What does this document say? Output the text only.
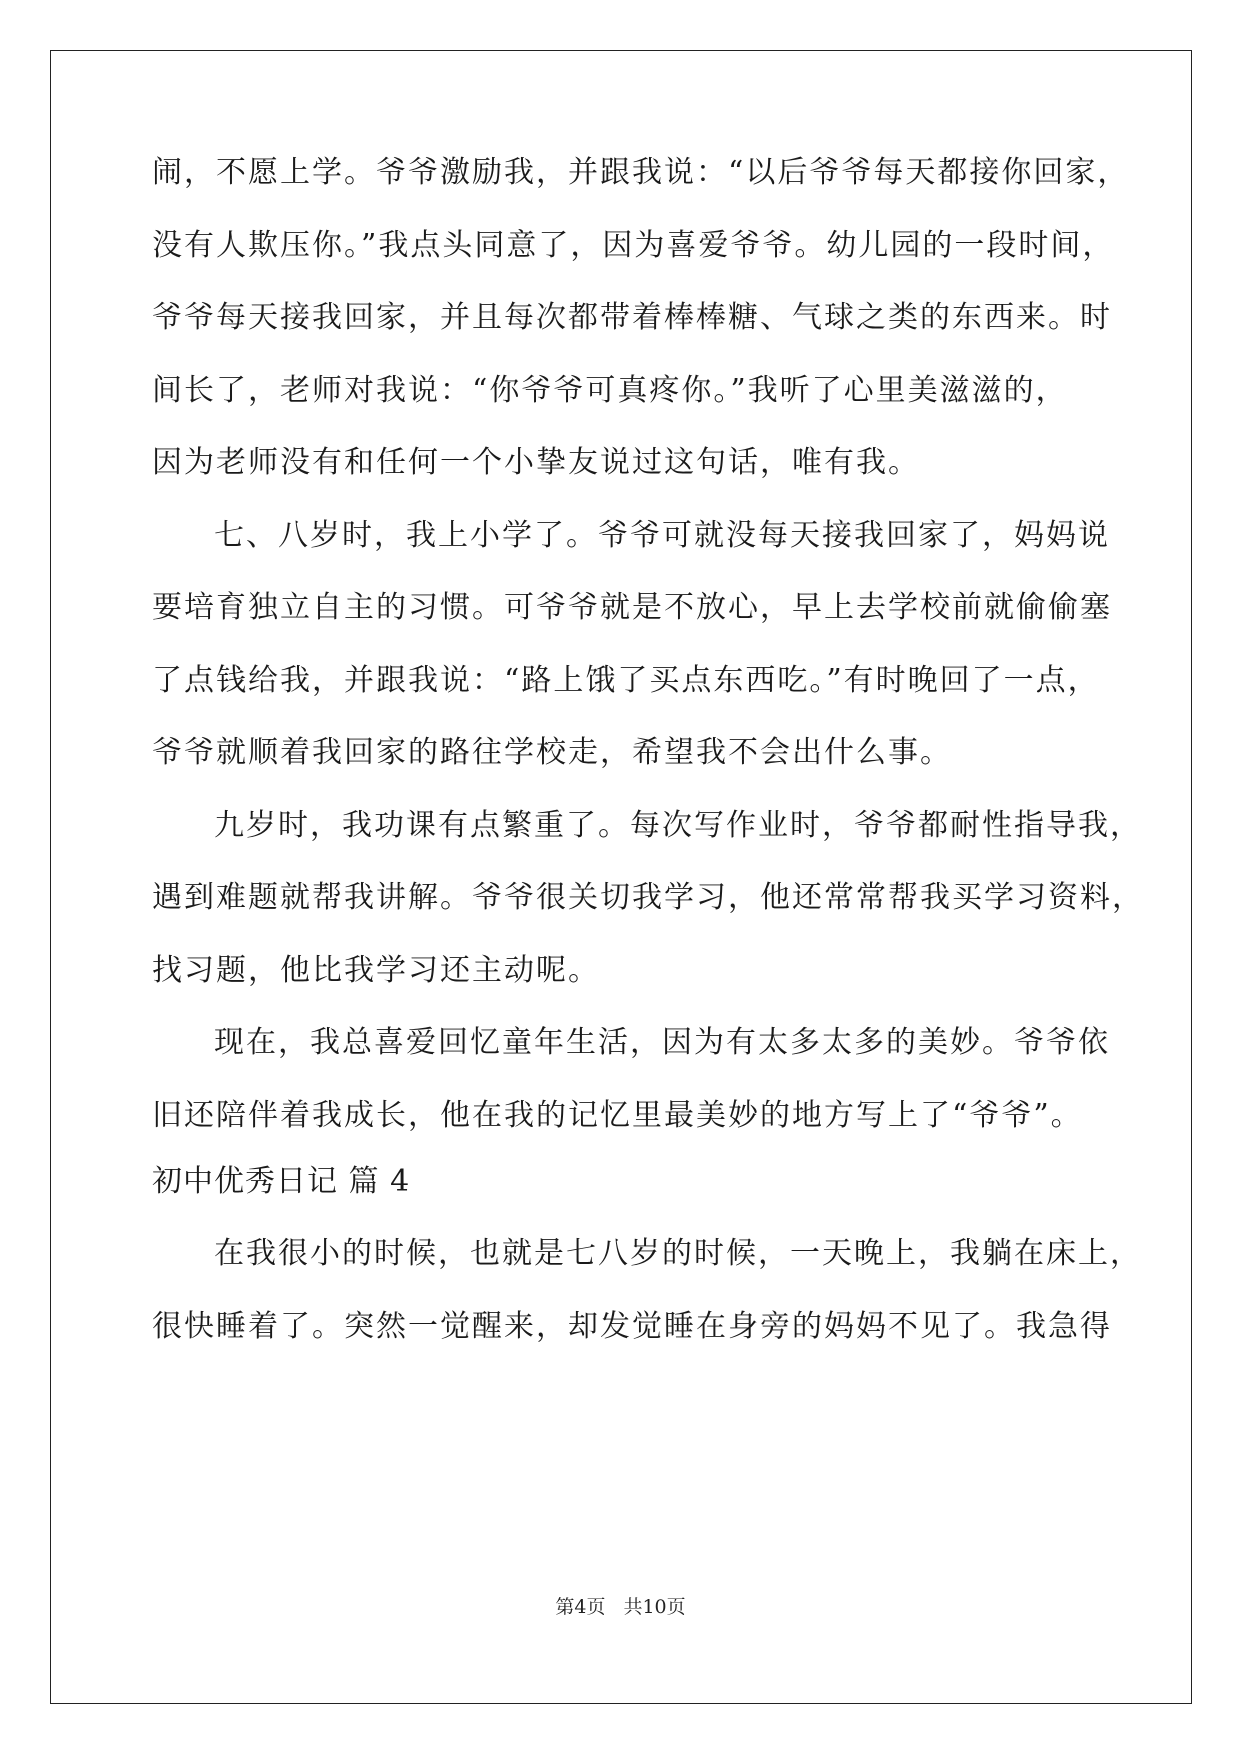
闹，不愿上学。爷爷激励我，并跟我说：“以后爷爷每天都接你回家，
没有人欺压你。”我点头同意了，因为喜爱爷爷。幼儿园的一段时间，
爷爷每天接我回家，并且每次都带着棒棒糖、气球之类的东西来。时
间长了，老师对我说：“你爷爷可真疼你。”我听了心里美滋滋的，
因为老师没有和任何一个小挚友说过这句话，唯有我。
七、八岁时，我上小学了。爷爷可就没每天接我回家了，妈妈说
要培育独立自主的习惯。可爷爷就是不放心，早上去学校前就偷偷塞
了点钱给我，并跟我说：“路上饿了买点东西吃。”有时晚回了一点，
爷爷就顺着我回家的路往学校走，希望我不会出什么事。
九岁时，我功课有点繁重了。每次写作业时，爷爷都耐性指导我，
遇到难题就帮我讲解。爷爷很关切我学习，他还常常帮我买学习资料，
找习题，他比我学习还主动呢。
现在，我总喜爱回忆童年生活，因为有太多太多的美妙。爷爷依
旧还陪伴着我成长，他在我的记忆里最美妙的地方写上了“爷爷”。
初中优秀日记 篇 4
在我很小的时候，也就是七八岁的时候，一天晚上，我躺在床上，
很快睡着了。突然一觉醒来，却发觉睡在身旁的妈妈不见了。我急得
第4页 共10页
